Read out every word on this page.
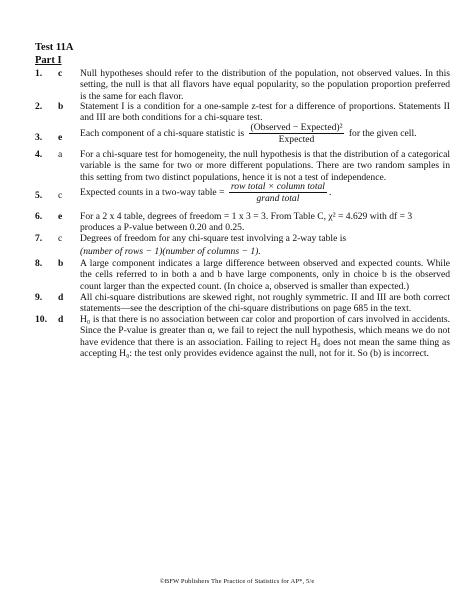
Test 11A
Part I
1. c Null hypotheses should refer to the distribution of the population, not observed values. In this setting, the null is that all flavors have equal popularity, so the population proportion preferred is the same for each flavor.
2. b Statement I is a condition for a one-sample z-test for a difference of proportions. Statements II and III are both conditions for a chi-square test.
3. e Each component of a chi-square statistic is $\frac{\text{(Observed − Expected)²}}{\text{Expected}}$ for the given cell.
4. a For a chi-square test for homogeneity, the null hypothesis is that the distribution of a categorical variable is the same for two or more different populations. There are two random samples in this setting from two distinct populations, hence it is not a test of independence.
5. c Expected counts in a two-way table = $\frac{\text{row total × column total}}{\text{grand total}}$ .
6. e For a 2 x 4 table, degrees of freedom = 1 x 3 = 3. From Table C, χ² = 4.629 with df = 3
produces a P-value between 0.20 and 0.25.
7. c Degrees of freedom for any chi-square test involving a 2-way table is
(number of rows − 1)(number of columns − 1).
8. b A large component indicates a large difference between observed and expected counts. While the cells referred to in both a and b have large components, only in choice b is the observed count larger than the expected count. (In choice a, observed is smaller than expected.)
9. d All chi-square distributions are skewed right, not roughly symmetric. II and III are both correct statements—see the description of the chi-square distributions on page 685 in the text.
10. d H₀ is that there is no association between car color and proportion of cars involved in accidents. Since the P-value is greater than α, we fail to reject the null hypothesis, which means we do not have evidence that there is an association. Failing to reject H₀ does not mean the same thing as accepting H₀: the test only provides evidence against the null, not for it. So (b) is incorrect.
©BFW Publishers The Practice of Statistics for AP*, 5/e
